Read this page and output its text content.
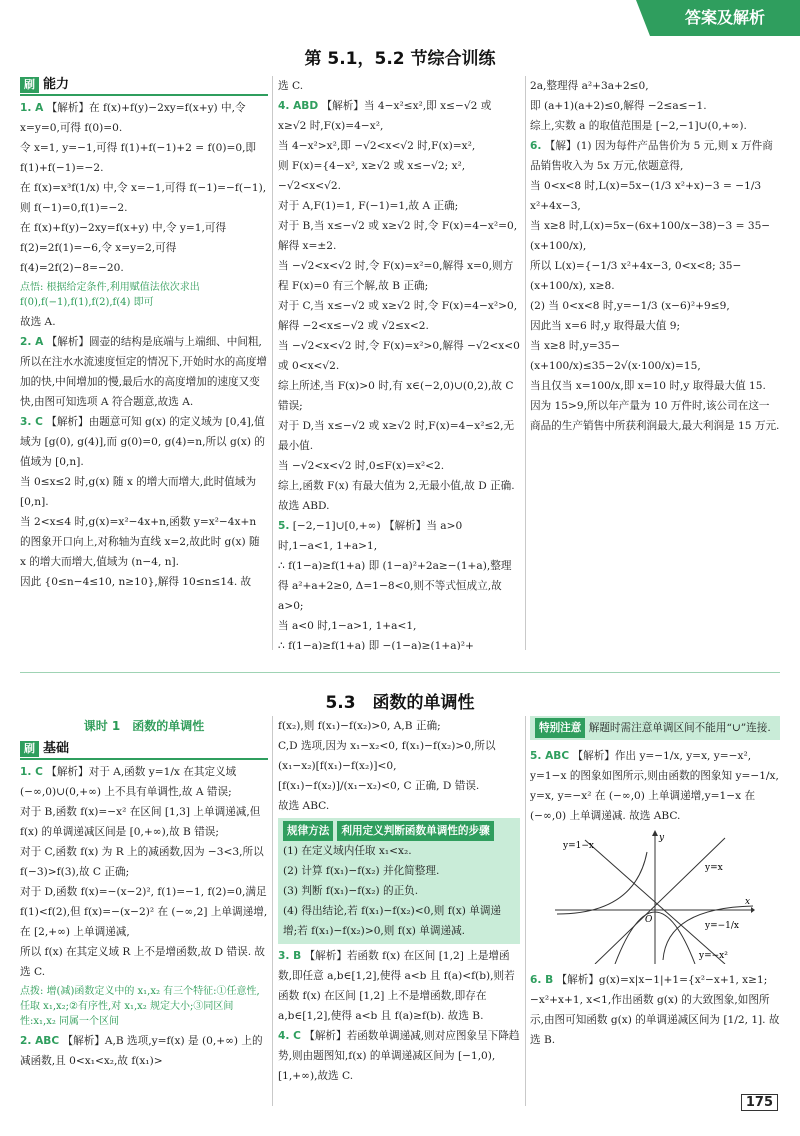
答案及解析
第 5.1，5.2 节综合训练
刷 能力
1. A 【解析】在 f(x)+f(y)−2xy=f(x+y) 中,令 x=y=0,可得 f(0)=0.
令 x=1, y=−1,可得 f(1)+f(−1)+2 = f(0)=0,即 f(1)+f(−1)=−2.
在 f(x)=x³f(1/x) 中,令 x=−1,可得 f(−1)=−f(−1),则 f(−1)=0,f(1)=−2.
在 f(x)+f(y)−2xy=f(x+y) 中,令 y=1,可得 f(2)=2f(1)=−6,令 x=y=2,可得 f(4)=2f(2)−8=−20.
点悟: 根据给定条件,利用赋值法依次求出 f(0),f(−1),f(1),f(2),f(4) 即可
故选 A.
2. A 【解析】圆壶的结构是底端与上端细、中间粗,所以在注水水流速度恒定的情况下,开始时水的高度增加的快,中间增加的慢,最后水的高度增加的速度又变快,由图可知选项 A 符合题意,故选 A.
3. C 【解析】由题意可知 g(x) 的定义域为 [0,4],值域为 [g(0), g(4)],而 g(0)=0, g(4)=n,所以 g(x) 的值域为 [0,n].
当 0≤x≤2 时,g(x) 随 x 的增大而增大,此时值域为 [0,n].
当 2<x≤4 时,g(x)=x²−4x+n,函数 y=x²−4x+n 的图象开口向上,对称轴为直线 x=2,故此时 g(x) 随 x 的增大而增大,值域为 (n−4, n].
因此 {0≤n−4≤10, n≥10},解得 10≤n≤14. 故
选 C.
4. ABD 【解析】当 4−x²≤x²,即 x≤−√2 或 x≥√2 时,F(x)=4−x²,
当 4−x²>x²,即 −√2<x<√2 时,F(x)=x²,
则 F(x)={4−x², x≥√2 或 x≤−√2; x², −√2<x<√2.
对于 A,F(1)=1, F(−1)=1,故 A 正确;
对于 B,当 x≤−√2 或 x≥√2 时,令 F(x)=4−x²=0,解得 x=±2.
当 −√2<x<√2 时,令 F(x)=x²=0,解得 x=0,则方程 F(x)=0 有三个解,故 B 正确;
对于 C,当 x≤−√2 或 x≥√2 时,令 F(x)=4−x²>0,解得 −2<x≤−√2 或 √2≤x<2.
当 −√2<x<√2 时,令 F(x)=x²>0,解得 −√2<x<0 或 0<x<√2.
综上所述,当 F(x)>0 时,有 x∈(−2,0)∪(0,2),故 C 错误;
对于 D,当 x≤−√2 或 x≥√2 时,F(x)=4−x²≤2,无最小值.
当 −√2<x<√2 时,0≤F(x)=x²<2.
综上,函数 F(x) 有最大值为 2,无最小值,故 D 正确. 故选 ABD.
5. [−2,−1]∪[0,+∞) 【解析】当 a>0 时,1−a<1, 1+a>1,
∴ f(1−a)≥f(1+a) 即 (1−a)²+2a≥−(1+a),整理得 a²+a+2≥0, Δ=1−8<0,则不等式恒成立,故 a>0;
当 a<0 时,1−a>1, 1+a<1,
∴ f(1−a)≥f(1+a) 即 −(1−a)≥(1+a)²+
2a,整理得 a²+3a+2≤0,
即 (a+1)(a+2)≤0,解得 −2≤a≤−1.
综上,实数 a 的取值范围是 [−2,−1]∪(0,+∞).
6. 【解】(1) 因为每件产品售价为 5 元,则 x 万件商品销售收入为 5x 万元,依题意得,
当 0<x<8 时,L(x)=5x−(1/3 x²+x)−3 = −1/3 x²+4x−3,
当 x≥8 时,L(x)=5x−(6x+100/x−38)−3 = 35−(x+100/x),
所以 L(x)={−1/3 x²+4x−3, 0<x<8; 35−(x+100/x), x≥8.
(2) 当 0<x<8 时,y=−1/3 (x−6)²+9≤9,
因此当 x=6 时,y 取得最大值 9;
当 x≥8 时,y=35−(x+100/x)≤35−2√(x·100/x)=15,
当且仅当 x=100/x,即 x=10 时,y 取得最大值 15.
因为 15>9,所以年产量为 10 万件时,该公司在这一商品的生产销售中所获利润最大,最大利润是 15 万元.
5.3　函数的单调性
课时 1　函数的单调性
刷 基础
1. C 【解析】对于 A,函数 y=1/x 在其定义域 (−∞,0)∪(0,+∞) 上不具有单调性,故 A 错误;
对于 B,函数 f(x)=−x² 在区间 [1,3] 上单调递减,但 f(x) 的单调递减区间是 [0,+∞),故 B 错误;
对于 C,函数 f(x) 为 R 上的减函数,因为 −3<3,所以 f(−3)>f(3),故 C 正确;
对于 D,函数 f(x)=−(x−2)², f(1)=−1, f(2)=0,满足 f(1)<f(2),但 f(x)=−(x−2)² 在 (−∞,2] 上单调递增,在 [2,+∞) 上单调递减,
所以 f(x) 在其定义域 R 上不是增函数,故 D 错误. 故选 C.
点拨: 增(减)函数定义中的 x₁,x₂ 有三个特征:①任意性,任取 x₁,x₂;②有序性,对 x₁,x₂ 规定大小;③同区间性:x₁,x₂ 同属一个区间
2. ABC 【解析】A,B 选项,y=f(x) 是 (0,+∞) 上的减函数,且 0<x₁<x₂,故 f(x₁)>
f(x₂),则 f(x₁)−f(x₂)>0, A,B 正确;
C,D 选项,因为 x₁−x₂<0, f(x₁)−f(x₂)>0,所以 (x₁−x₂)[f(x₁)−f(x₂)]<0,
[f(x₁)−f(x₂)]/(x₁−x₂)<0, C 正确, D 错误.
故选 ABC.
规律方法 利用定义判断函数单调性的步骤
(1) 在定义域内任取 x₁<x₂.
(2) 计算 f(x₁)−f(x₂) 并化简整理.
(3) 判断 f(x₁)−f(x₂) 的正负.
(4) 得出结论,若 f(x₁)−f(x₂)<0,则 f(x) 单调递增;若 f(x₁)−f(x₂)>0,则 f(x) 单调递减.
3. B 【解析】若函数 f(x) 在区间 [1,2] 上是增函数,即任意 a,b∈[1,2],使得 a<b 且 f(a)<f(b),则若函数 f(x) 在区间 [1,2] 上不是增函数,即存在 a,b∈[1,2],使得 a<b 且 f(a)≥f(b). 故选 B.
4. C 【解析】若函数单调递减,则对应图象呈下降趋势,则由题图知,f(x) 的单调递减区间为 [−1,0), [1,+∞),故选 C.
特别注意 解题时需注意单调区间不能用“∪”连接.
5. ABC 【解析】作出 y=−1/x, y=x, y=−x², y=1−x 的图象如图所示,则由函数的图象知 y=−1/x, y=x, y=−x² 在 (−∞,0) 上单调递增,y=1−x 在 (−∞,0) 上单调递减. 故选 ABC.
y=1−x
y=x
y=−1/x
y=−x²
x
y
O
6. B 【解析】g(x)=x|x−1|+1={x²−x+1, x≥1; −x²+x+1, x<1,作出函数 g(x) 的大致图象,如图所示,由图可知函数 g(x) 的单调递减区间为 [1/2, 1]. 故选 B.
175
